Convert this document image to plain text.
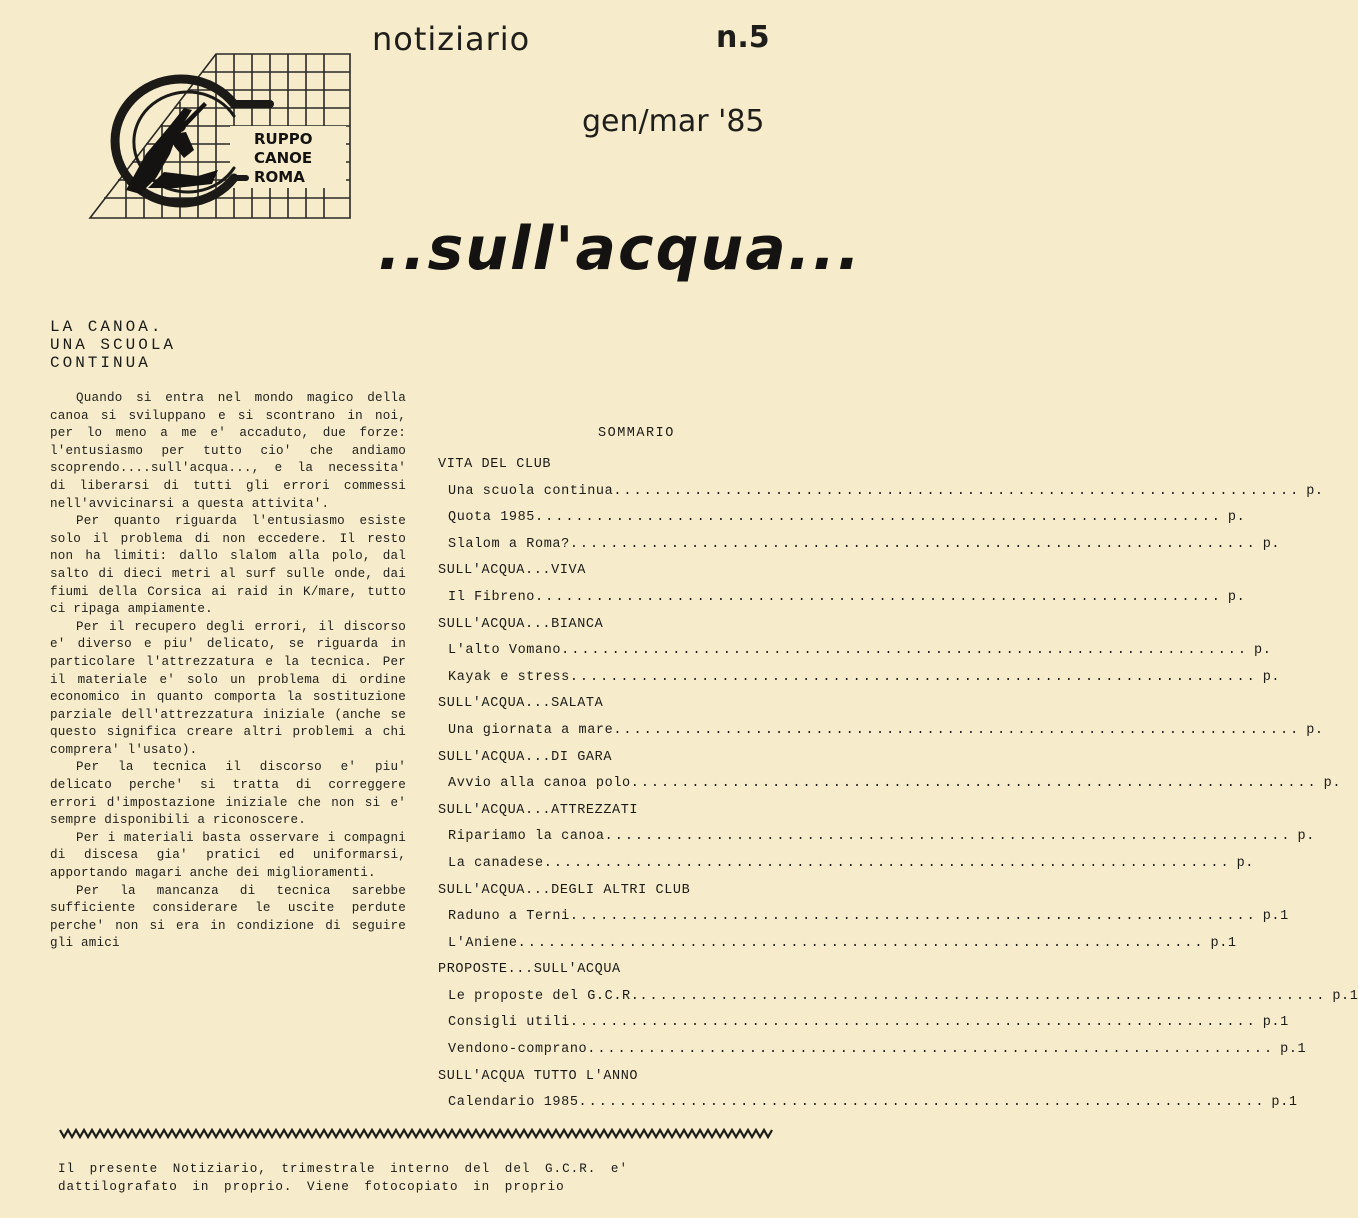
RUPPO
CANOE
ROMA
notiziario	n.5
gen/mar '85
..sull'acqua...
LA CANOA.
UNA SCUOLA
CONTINUA

Quando si entra nel mondo magico della canoa si sviluppano e si scontrano in noi, per lo meno a me e' accaduto, due forze: l'entusiasmo per tutto cio' che andiamo scoprendo....sull'acqua..., e la necessita' di liberarsi di tutti gli errori commessi nell'avvicinarsi a questa attivita'.

Per quanto riguarda l'entusiasmo esiste solo il problema di non eccedere. Il resto non ha limiti: dallo slalom alla polo, dal salto di dieci metri al surf sulle onde, dai fiumi della Corsica ai raid in K/mare, tutto ci ripaga ampiamente.

Per il recupero degli errori, il discorso e' diverso e piu' delicato, se riguarda in particolare l'attrezzatura e la tecnica. Per il materiale e' solo un problema di ordine economico in quanto comporta la sostituzione parziale dell'attrezzatura iniziale (anche se questo significa creare altri problemi a chi comprera' l'usato).

Per la tecnica il discorso e' piu' delicato perche' si tratta di correggere errori d'impostazione iniziale che non si e' sempre disponibili a riconoscere.

Per i materiali basta osservare i compagni di discesa gia' pratici ed uniformarsi, apportando magari anche dei miglioramenti.

Per la mancanza di tecnica sarebbe sufficiente considerare le uscite perdute perche' non si era in condizione di seguire gli amici

SOMMARIO
VITA DEL CLUB
Una scuola continua .....	p.
Quota 1985 .....	p.
Slalom a Roma? .....	p.
SULL'ACQUA...VIVA
Il Fibreno .....	p.
SULL'ACQUA...BIANCA
L'alto Vomano .....	p.
Kayak e stress .....	p.
SULL'ACQUA...SALATA
Una giornata a mare .....	p.
SULL'ACQUA...DI GARA
Avvio alla canoa polo .....	p.
SULL'ACQUA...ATTREZZATI
Ripariamo la canoa .....	p.
La canadese .....	p.
SULL'ACQUA...DEGLI ALTRI CLUB
Raduno a Terni .....	p.1
L'Aniene .....	p.1
PROPOSTE...SULL'ACQUA
Le proposte del G.C.R. .....	p.1
Consigli utili .....	p.1
Vendono-comprano .....	p.1
SULL'ACQUA TUTTO L'ANNO
Calendario 1985 .....	p.1
Il presente Notiziario, trimestrale interno del del G.C.R. e' dattilografato in proprio. Viene fotocopiato in proprio
